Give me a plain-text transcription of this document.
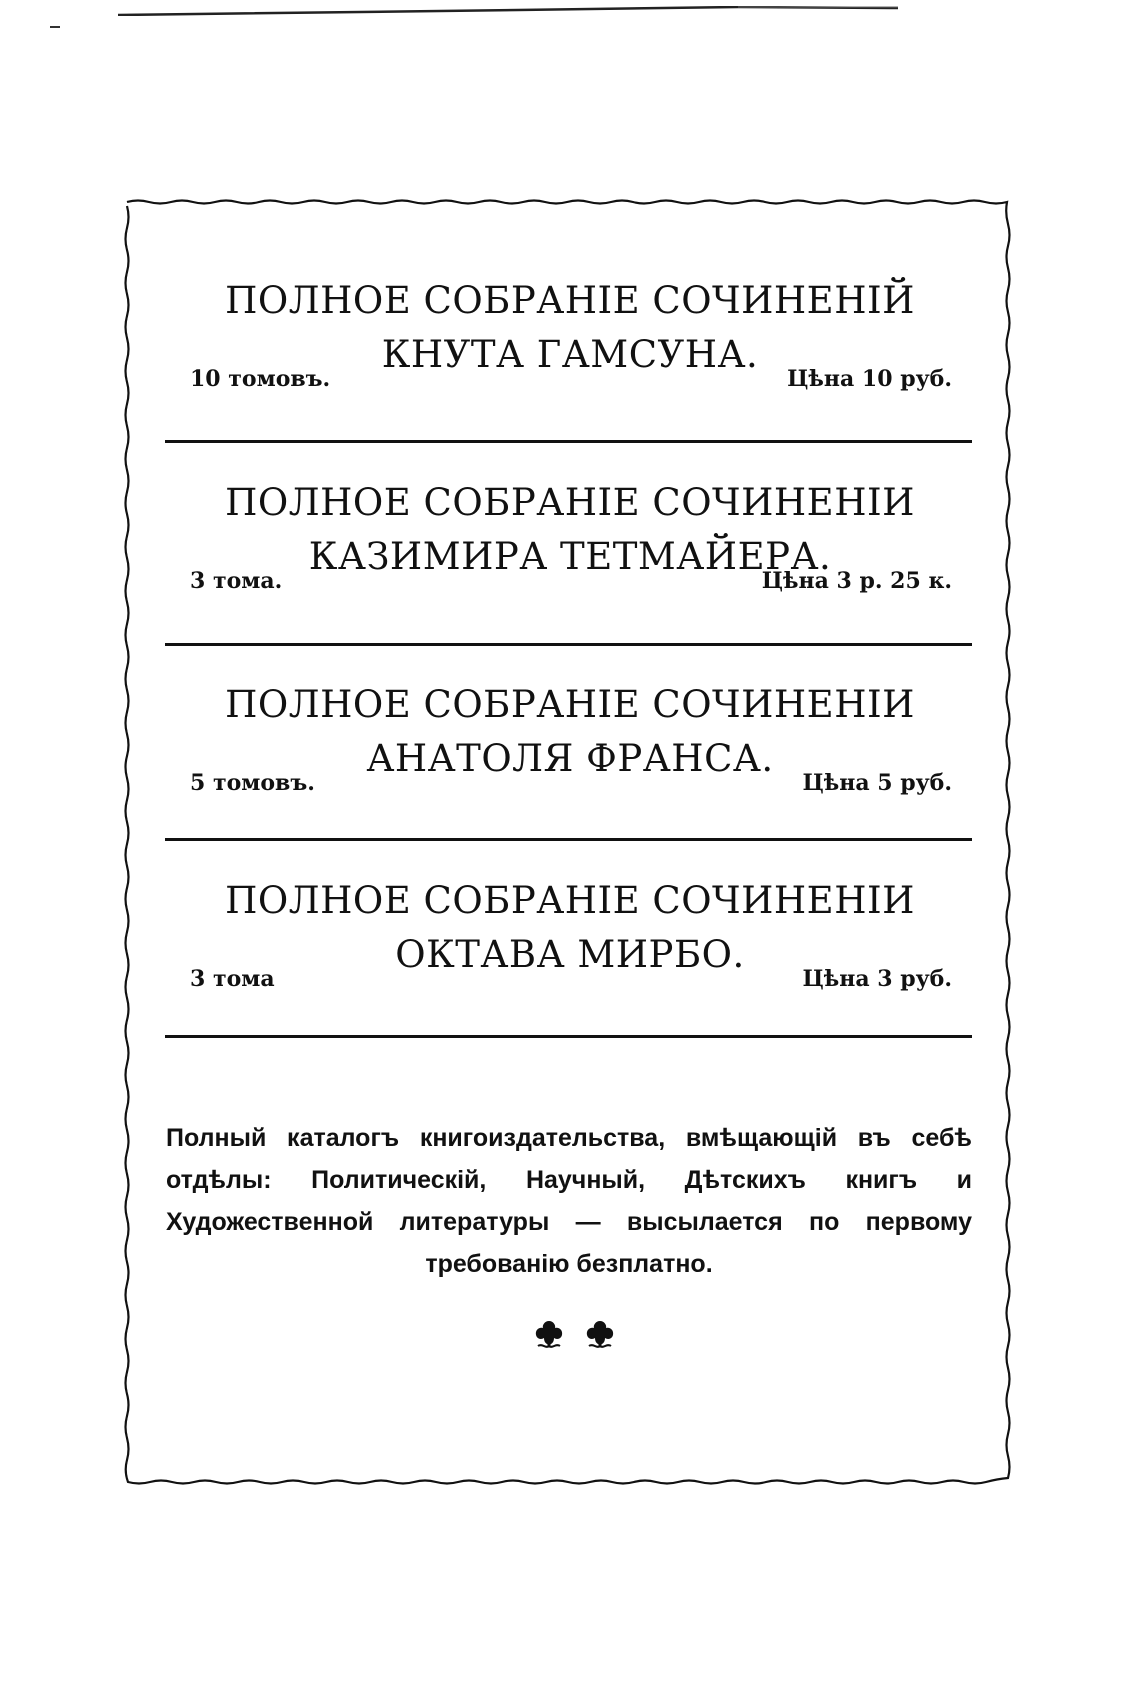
ПОЛНОЕ СОБРАНІЕ СОЧИНЕНІЙ
КНУТА ГАМСУНА.
10 томовъ.	Цѣна 10 руб.
ПОЛНОЕ СОБРАНІЕ СОЧИНЕНІИ
КАЗИМИРА ТЕТМАЙЕРА.
3 тома.	Цѣна 3 р. 25 к.
ПОЛНОЕ СОБРАНІЕ СОЧИНЕНІИ
АНАТОЛЯ ФРАНСА.
5 томовъ.	Цѣна 5 руб.
ПОЛНОЕ СОБРАНІЕ СОЧИНЕНІИ
ОКТАВА МИРБО.
3 тома	Цѣна 3 руб.
Полный каталогъ книгоиздательства, вмѣщающій въ себѣ отдѣлы: Политическій, Научный, Дѣтскихъ книгъ и Художественной литературы — высылается по первому требованію безплатно.
